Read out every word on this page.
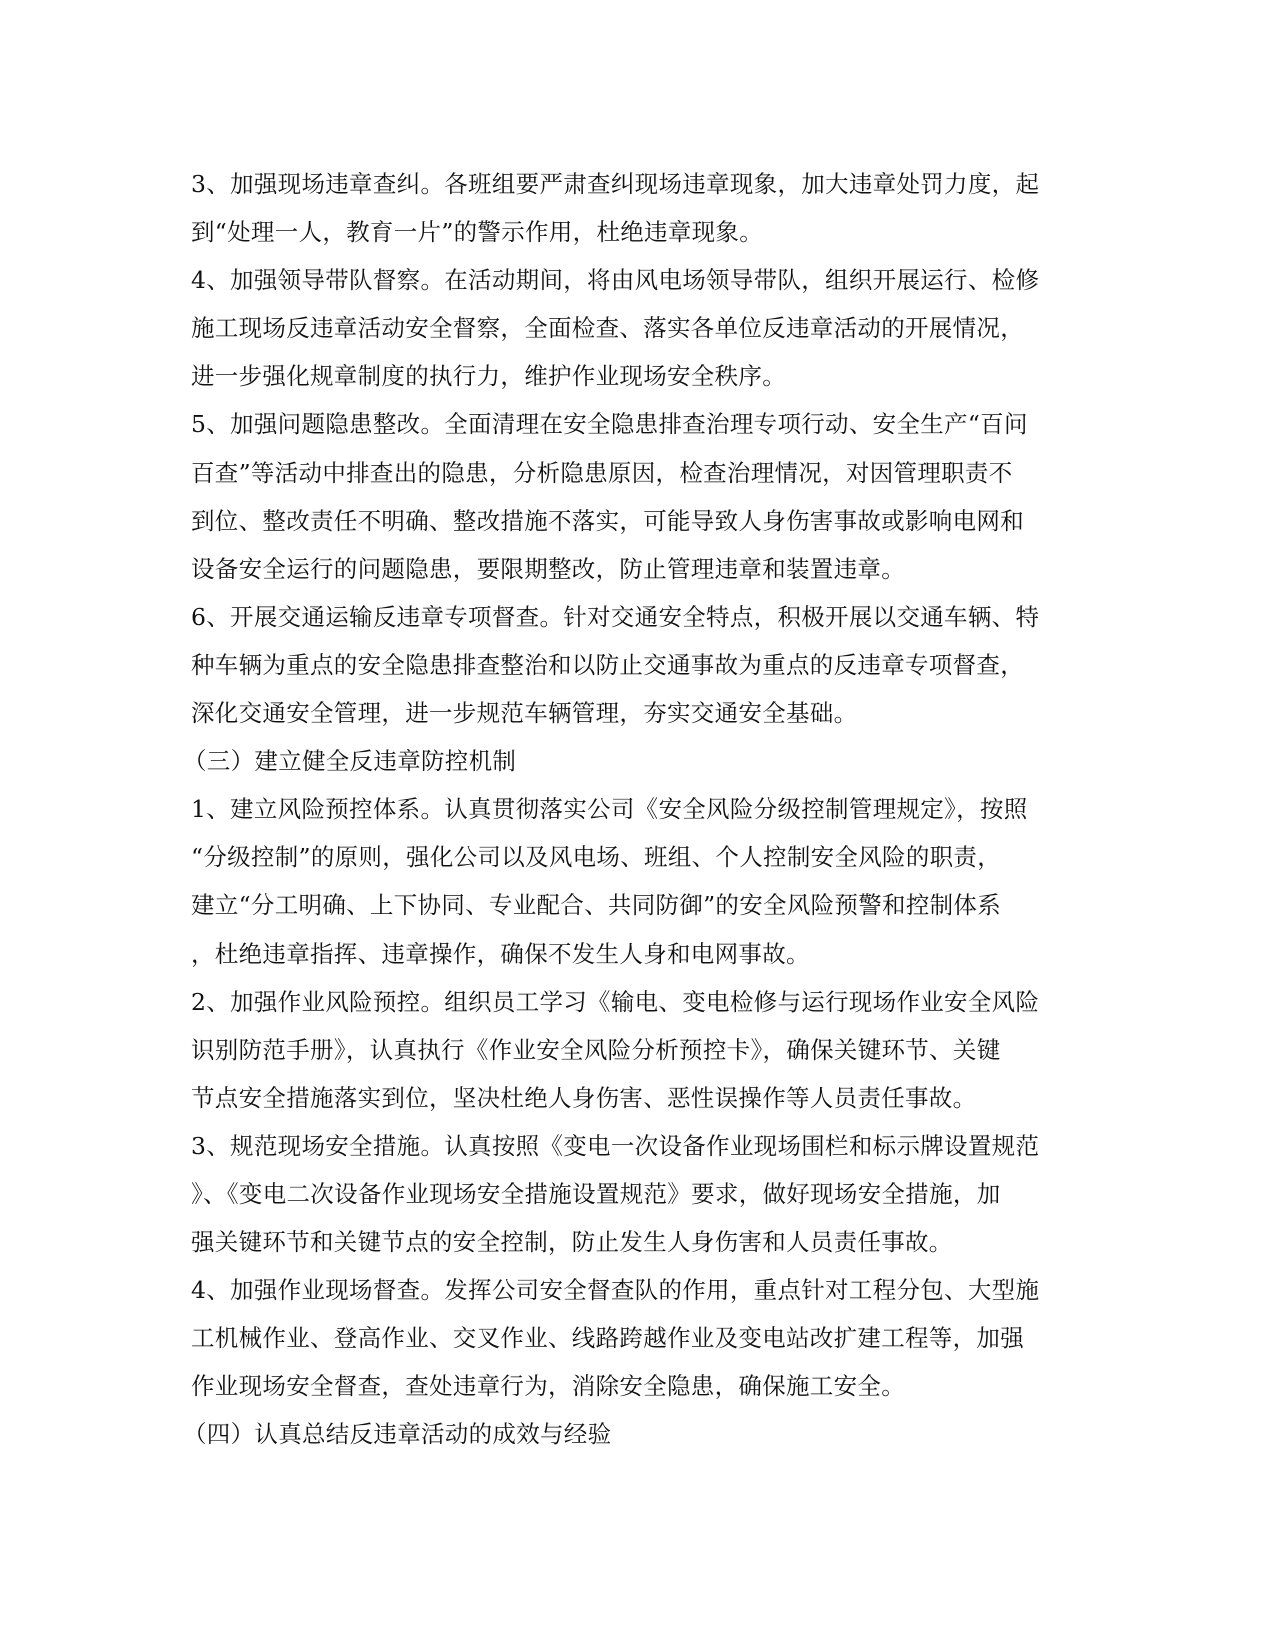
3、加强现场违章查纠。各班组要严肃查纠现场违章现象，加大违章处罚力度，起
到“处理一人，教育一片”的警示作用，杜绝违章现象。
4、加强领导带队督察。在活动期间，将由风电场领导带队，组织开展运行、检修
施工现场反违章活动安全督察，全面检查、落实各单位反违章活动的开展情况，
进一步强化规章制度的执行力，维护作业现场安全秩序。
5、加强问题隐患整改。全面清理在安全隐患排查治理专项行动、安全生产“百问
百查”等活动中排查出的隐患，分析隐患原因，检查治理情况，对因管理职责不
到位、整改责任不明确、整改措施不落实，可能导致人身伤害事故或影响电网和
设备安全运行的问题隐患，要限期整改，防止管理违章和装置违章。
6、开展交通运输反违章专项督查。针对交通安全特点，积极开展以交通车辆、特
种车辆为重点的安全隐患排查整治和以防止交通事故为重点的反违章专项督查，
深化交通安全管理，进一步规范车辆管理，夯实交通安全基础。
（三）建立健全反违章防控机制
1、建立风险预控体系。认真贯彻落实公司《安全风险分级控制管理规定》，按照
“分级控制”的原则，强化公司以及风电场、班组、个人控制安全风险的职责，
建立“分工明确、上下协同、专业配合、共同防御”的安全风险预警和控制体系
，杜绝违章指挥、违章操作，确保不发生人身和电网事故。
2、加强作业风险预控。组织员工学习《输电、变电检修与运行现场作业安全风险
识别防范手册》，认真执行《作业安全风险分析预控卡》，确保关键环节、关键
节点安全措施落实到位，坚决杜绝人身伤害、恶性误操作等人员责任事故。
3、规范现场安全措施。认真按照《变电一次设备作业现场围栏和标示牌设置规范
》、《变电二次设备作业现场安全措施设置规范》要求，做好现场安全措施，加
强关键环节和关键节点的安全控制，防止发生人身伤害和人员责任事故。
4、加强作业现场督查。发挥公司安全督查队的作用，重点针对工程分包、大型施
工机械作业、登高作业、交叉作业、线路跨越作业及变电站改扩建工程等，加强
作业现场安全督查，查处违章行为，消除安全隐患，确保施工安全。
（四）认真总结反违章活动的成效与经验
